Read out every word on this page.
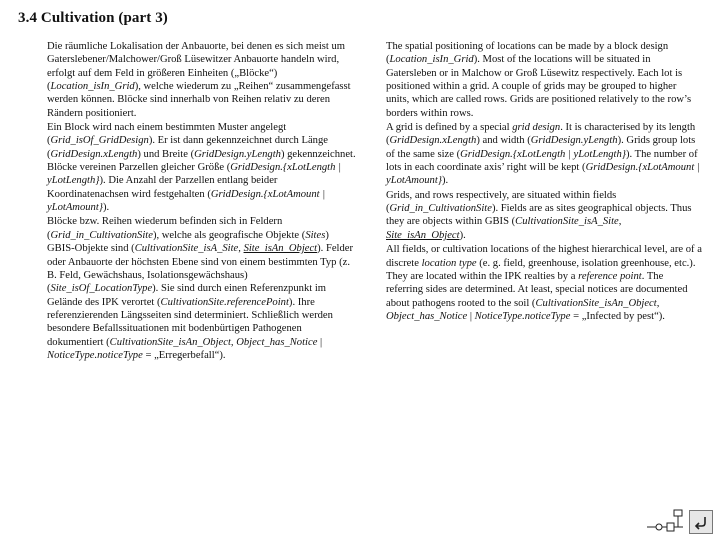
3.4 Cultivation (part 3)

Die räumliche Lokalisation der Anbauorte, bei denen es sich meist um Gaterslebener/Malchower/Groß Lüsewitzer Anbauorte handeln wird, erfolgt auf dem Feld in größeren Einheiten („Blöcke“) (Location_isIn_Grid), welche wiederum zu „Reihen“ zusammengefasst werden können. Blöcke sind innerhalb von Reihen relativ zu deren Rändern positioniert.

Ein Block wird nach einem bestimmten Muster angelegt (Grid_isOf_GridDesign). Er ist dann gekennzeichnet durch Länge (GridDesign.xLength) und Breite (GridDesign.yLength) gekennzeichnet. Blöcke vereinen Parzellen gleicher Größe (GridDesign.{xLotLength | yLotLength}). Die Anzahl der Parzellen entlang beider Koordinatenachsen wird festgehalten (GridDesign.{xLotAmount | yLotAmount}).

Blöcke bzw. Reihen wiederum befinden sich in Feldern (Grid_in_CultivationSite), welche als geografische Objekte (Sites) GBIS-Objekte sind (CultivationSite_isA_Site, Site_isAn_Object). Felder oder Anbauorte der höchsten Ebene sind von einem bestimmten Typ (z. B. Feld, Gewächshaus, Isolationsgewächshaus) (Site_isOf_LocationType). Sie sind durch einen Referenzpunkt im Gelände des IPK verortet (CultivationSite.referencePoint). Ihre referenzierenden Längsseiten sind determiniert. Schließlich werden besondere Befallssituationen mit bodenbürtigen Pathogenen dokumentiert (CultivationSite_isAn_Object, Object_has_Notice | NoticeType.noticeType = „Erregerbefall“).

The spatial positioning of locations can be made by a block design (Location_isIn_Grid). Most of the locations will be situated in Gatersleben or in Malchow or Groß Lüsewitz respectively. Each lot is positioned within a grid. A couple of grids may be grouped to higher units, which are called rows. Grids are positioned relatively to the row’s borders within rows.

A grid is defined by a special grid design. It is characterised by its length (GridDesign.xLength) and width (GridDesign.yLength). Grids group lots of the same size (GridDesign.{xLotLength | yLotLength}). The number of lots in each coordinate axis’ right will be kept (GridDesign.{xLotAmount | yLotAmount}).

Grids, and rows respectively, are situated within fields (Grid_in_CultivationSite). Fields are as sites geographical objects. Thus they are objects within GBIS (CultivationSite_isA_Site, Site_isAn_Object).

All fields, or cultivation locations of the highest hierarchical level, are of a discrete location type (e. g. field, greenhouse, isolation greenhouse, etc.). They are located within the IPK realties by a reference point. The referring sides are determined. At least, special notices are documented about pathogens rooted to the soil (CultivationSite_isAn_Object, Object_has_Notice | NoticeType.noticeType = „Infected by pest“).
